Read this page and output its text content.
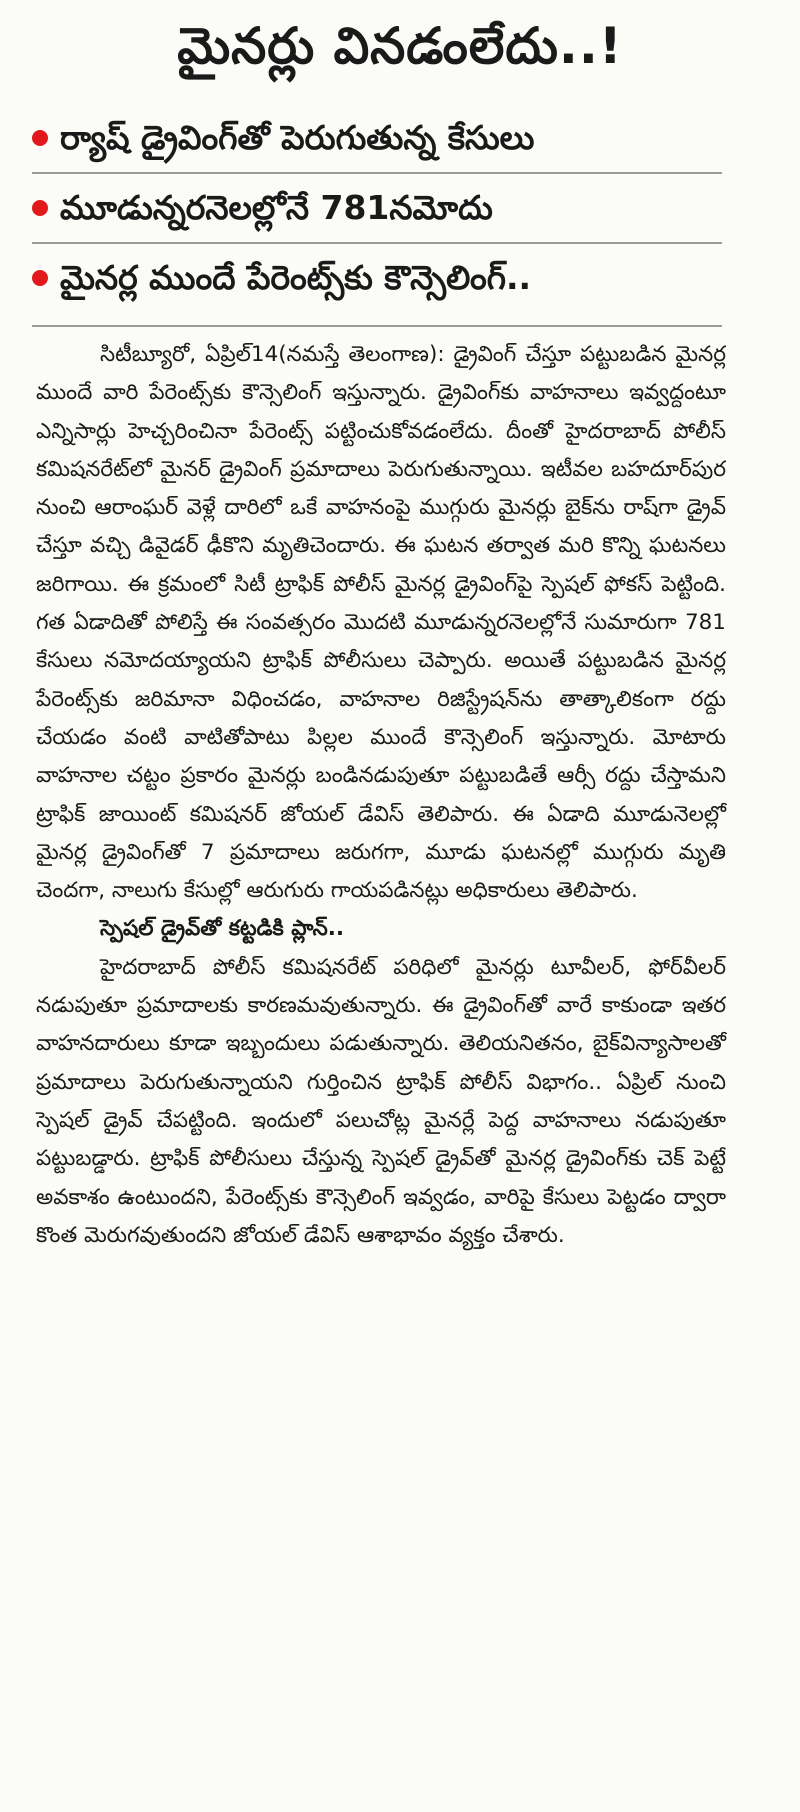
మైనర్లు వినడంలేదు..!
ర్యాష్ డ్రైవింగ్‌తో పెరుగుతున్న కేసులు
మూడున్నరనెలల్లోనే 781నమోదు
మైనర్ల ముందే పేరెంట్స్‌కు కౌన్సెలింగ్..

సిటీబ్యూరో, ఏప్రిల్14(నమస్తే తెలంగాణ): డ్రైవింగ్ చేస్తూ పట్టుబడిన మైనర్ల ముందే వారి పేరెంట్స్‌కు కౌన్సెలింగ్ ఇస్తున్నారు. డ్రైవింగ్‌కు వాహనాలు ఇవ్వద్దంటూ ఎన్నిసార్లు హెచ్చరించినా పేరెంట్స్ పట్టించుకోవడంలేదు. దీంతో హైదరాబాద్ పోలీస్ కమిషనరేట్‌లో మైనర్ డ్రైవింగ్ ప్రమాదాలు పెరుగుతున్నాయి. ఇటీవల బహదూర్‌పుర నుంచి ఆరాంఘర్ వెళ్లే దారిలో ఒకే వాహనంపై ముగ్గురు మైనర్లు బైక్‌ను రాష్‌గా డ్రైవ్ చేస్తూ వచ్చి డివైడర్ ఢీకొని మృతిచెందారు. ఈ ఘటన తర్వాత మరి కొన్ని ఘటనలు జరిగాయి. ఈ క్రమంలో సిటీ ట్రాఫిక్ పోలీస్ మైనర్ల డ్రైవింగ్‌పై స్పెషల్ ఫోకస్ పెట్టింది. గత ఏడాదితో పోలిస్తే ఈ సంవత్సరం మొదటి మూడున్నరనెలల్లోనే సుమారుగా 781 కేసులు నమోదయ్యాయని ట్రాఫిక్ పోలీసులు చెప్పారు. అయితే పట్టుబడిన మైనర్ల పేరెంట్స్‌కు జరిమానా విధించడం, వాహనాల రిజిస్ట్రేషన్‌ను తాత్కాలికంగా రద్దు చేయడం వంటి వాటితోపాటు పిల్లల ముందే కౌన్సెలింగ్ ఇస్తున్నారు. మోటారు వాహనాల చట్టం ప్రకారం మైనర్లు బండినడుపుతూ పట్టుబడితే ఆర్సీ రద్దు చేస్తామని ట్రాఫిక్ జాయింట్ కమిషనర్ జోయల్ డేవిస్ తెలిపారు. ఈ ఏడాది మూడునెలల్లో మైనర్ల డ్రైవింగ్‌తో 7 ప్రమాదాలు జరుగగా, మూడు ఘటనల్లో ముగ్గురు మృతి చెందగా, నాలుగు కేసుల్లో ఆరుగురు గాయపడినట్లు అధికారులు తెలిపారు.

స్పెషల్ డ్రైవ్‌తో కట్టడికి ప్లాన్..

హైదరాబాద్ పోలీస్ కమిషనరేట్ పరిధిలో మైనర్లు టూవీలర్, ఫోర్‌వీలర్ నడుపుతూ ప్రమాదాలకు కారణమవుతున్నారు. ఈ డ్రైవింగ్‌తో వారే కాకుండా ఇతర వాహనదారులు కూడా ఇబ్బందులు పడుతున్నారు. తెలియనితనం, బైక్‌విన్యాసాలతో ప్రమాదాలు పెరుగుతున్నాయని గుర్తించిన ట్రాఫిక్ పోలీస్ విభాగం.. ఏప్రిల్ నుంచి స్పెషల్ డ్రైవ్ చేపట్టింది. ఇందులో పలుచోట్ల మైనర్లే పెద్ద వాహనాలు నడుపుతూ పట్టుబడ్డారు. ట్రాఫిక్ పోలీసులు చేస్తున్న స్పెషల్ డ్రైవ్‌తో మైనర్ల డ్రైవింగ్‌కు చెక్ పెట్టే అవకాశం ఉంటుందని, పేరెంట్స్‌కు కౌన్సెలింగ్ ఇవ్వడం, వారిపై కేసులు పెట్టడం ద్వారా కొంత మెరుగవుతుందని జోయల్ డేవిస్ ఆశాభావం వ్యక్తం చేశారు.
